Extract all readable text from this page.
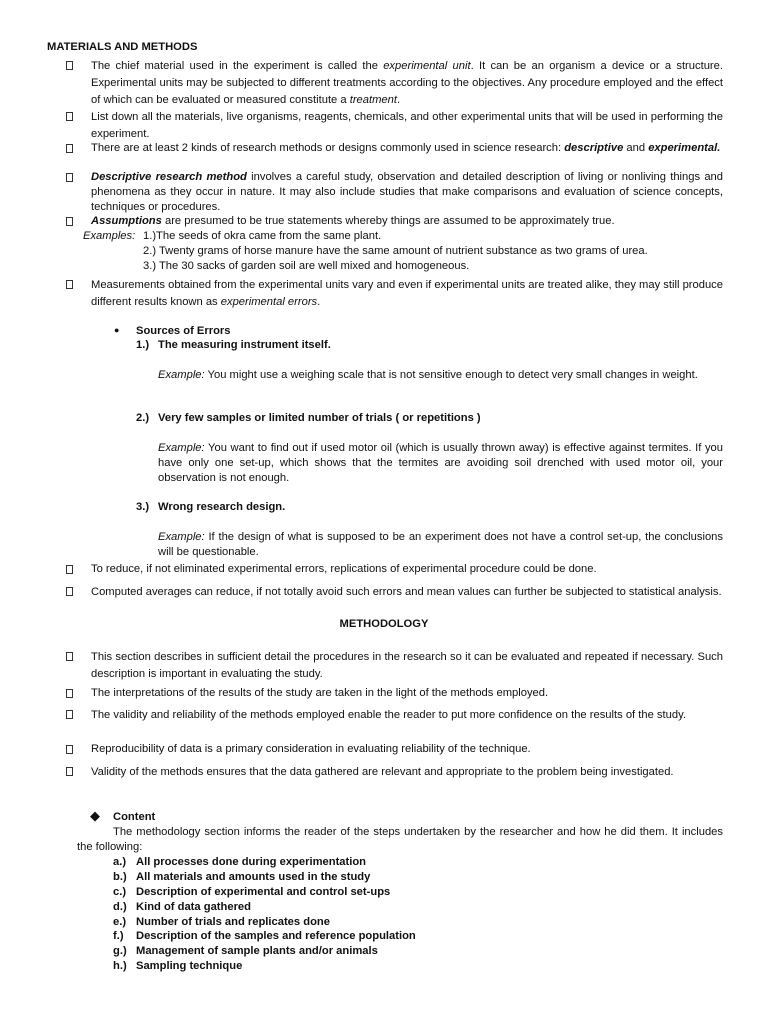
MATERIALS AND METHODS
The chief material used in the experiment is called the experimental unit. It can be an organism a device or a structure. Experimental units may be subjected to different treatments according to the objectives. Any procedure employed and the effect of which can be evaluated or measured constitute a treatment.
List down all the materials, live organisms, reagents, chemicals, and other experimental units that will be used in performing the experiment.
There are at least 2 kinds of research methods or designs commonly used in science research: descriptive and experimental.
Descriptive research method involves a careful study, observation and detailed description of living or nonliving things and phenomena as they occur in nature. It may also include studies that make comparisons and evaluation of science concepts, techniques or procedures.
Assumptions are presumed to be true statements whereby things are assumed to be approximately true.
Examples: 1.)The seeds of okra came from the same plant.
2.) Twenty grams of horse manure have the same amount of nutrient substance as two grams of urea.
3.) The 30 sacks of garden soil are well mixed and homogeneous.
Measurements obtained from the experimental units vary and even if experimental units are treated alike, they may still produce different results known as experimental errors.
● Sources of Errors
1.) The measuring instrument itself.
Example: You might use a weighing scale that is not sensitive enough to detect very small changes in weight.
2.) Very few samples or limited number of trials ( or repetitions )
Example: You want to find out if used motor oil (which is usually thrown away) is effective against termites. If you have only one set-up, which shows that the termites are avoiding soil drenched with used motor oil, your observation is not enough.
3.) Wrong research design.
Example: If the design of what is supposed to be an experiment does not have a control set-up, the conclusions will be questionable.
To reduce, if not eliminated experimental errors, replications of experimental procedure could be done.
Computed averages can reduce, if not totally avoid such errors and mean values can further be subjected to statistical analysis.
METHODOLOGY
This section describes in sufficient detail the procedures in the research so it can be evaluated and repeated if necessary. Such description is important in evaluating the study.
The interpretations of the results of the study are taken in the light of the methods employed.
The validity and reliability of the methods employed enable the reader to put more confidence on the results of the study.
Reproducibility of data is a primary consideration in evaluating reliability of the technique.
Validity of the methods ensures that the data gathered are relevant and appropriate to the problem being investigated.
◆ Content
The methodology section informs the reader of the steps undertaken by the researcher and how he did them. It includes the following:
a.) All processes done during experimentation
b.) All materials and amounts used in the study
c.) Description of experimental and control set-ups
d.) Kind of data gathered
e.) Number of trials and replicates done
f.) Description of the samples and reference population
g.) Management of sample plants and/or animals
h.) Sampling technique
